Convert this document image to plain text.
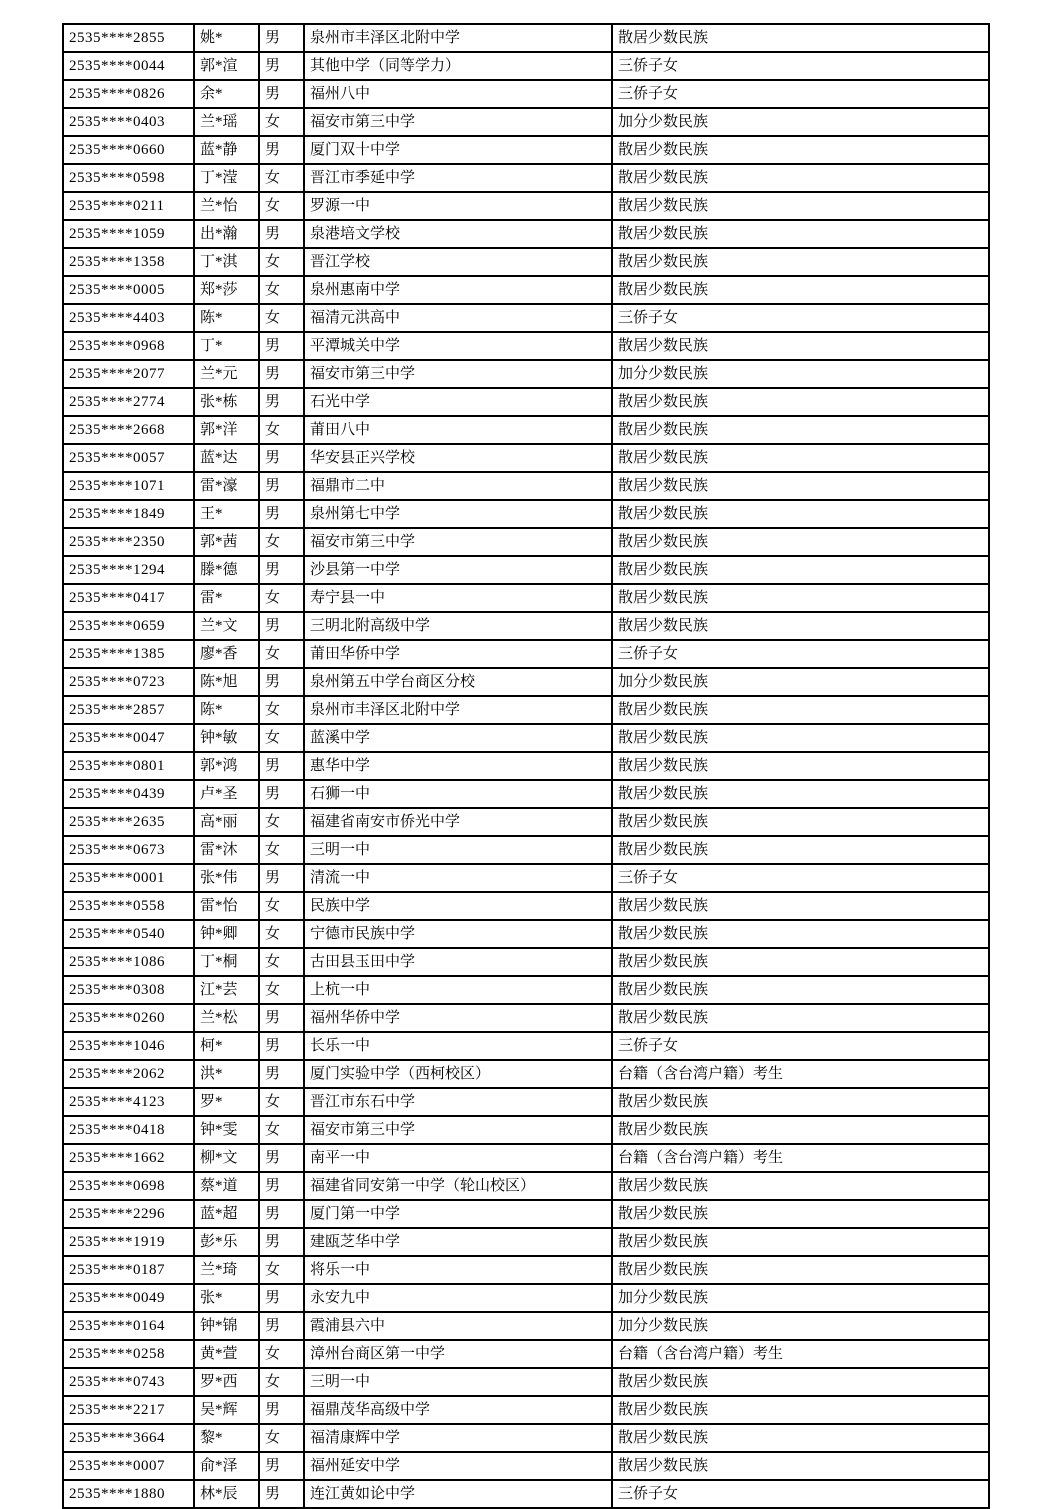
2535****2855	姚*	男	泉州市丰泽区北附中学	散居少数民族
2535****0044	郭*渲	男	其他中学（同等学力）	三侨子女
2535****0826	余*	男	福州八中	三侨子女
2535****0403	兰*瑶	女	福安市第三中学	加分少数民族
2535****0660	蓝*静	男	厦门双十中学	散居少数民族
2535****0598	丁*滢	女	晋江市季延中学	散居少数民族
2535****0211	兰*怡	女	罗源一中	散居少数民族
2535****1059	出*瀚	男	泉港培文学校	散居少数民族
2535****1358	丁*淇	女	晋江学校	散居少数民族
2535****0005	郑*莎	女	泉州惠南中学	散居少数民族
2535****4403	陈*	女	福清元洪高中	三侨子女
2535****0968	丁*	男	平潭城关中学	散居少数民族
2535****2077	兰*元	男	福安市第三中学	加分少数民族
2535****2774	张*栋	男	石光中学	散居少数民族
2535****2668	郭*洋	女	莆田八中	散居少数民族
2535****0057	蓝*达	男	华安县正兴学校	散居少数民族
2535****1071	雷*濠	男	福鼎市二中	散居少数民族
2535****1849	王*	男	泉州第七中学	散居少数民族
2535****2350	郭*茜	女	福安市第三中学	散居少数民族
2535****1294	滕*德	男	沙县第一中学	散居少数民族
2535****0417	雷*	女	寿宁县一中	散居少数民族
2535****0659	兰*文	男	三明北附高级中学	散居少数民族
2535****1385	廖*香	女	莆田华侨中学	三侨子女
2535****0723	陈*旭	男	泉州第五中学台商区分校	加分少数民族
2535****2857	陈*	女	泉州市丰泽区北附中学	散居少数民族
2535****0047	钟*敏	女	蓝溪中学	散居少数民族
2535****0801	郭*鸿	男	惠华中学	散居少数民族
2535****0439	卢*圣	男	石狮一中	散居少数民族
2535****2635	高*丽	女	福建省南安市侨光中学	散居少数民族
2535****0673	雷*沐	女	三明一中	散居少数民族
2535****0001	张*伟	男	清流一中	三侨子女
2535****0558	雷*怡	女	民族中学	散居少数民族
2535****0540	钟*卿	女	宁德市民族中学	散居少数民族
2535****1086	丁*桐	女	古田县玉田中学	散居少数民族
2535****0308	江*芸	女	上杭一中	散居少数民族
2535****0260	兰*松	男	福州华侨中学	散居少数民族
2535****1046	柯*	男	长乐一中	三侨子女
2535****2062	洪*	男	厦门实验中学（西柯校区）	台籍（含台湾户籍）考生
2535****4123	罗*	女	晋江市东石中学	散居少数民族
2535****0418	钟*雯	女	福安市第三中学	散居少数民族
2535****1662	柳*文	男	南平一中	台籍（含台湾户籍）考生
2535****0698	蔡*道	男	福建省同安第一中学（轮山校区）	散居少数民族
2535****2296	蓝*超	男	厦门第一中学	散居少数民族
2535****1919	彭*乐	男	建瓯芝华中学	散居少数民族
2535****0187	兰*琦	女	将乐一中	散居少数民族
2535****0049	张*	男	永安九中	加分少数民族
2535****0164	钟*锦	男	霞浦县六中	加分少数民族
2535****0258	黄*萱	女	漳州台商区第一中学	台籍（含台湾户籍）考生
2535****0743	罗*西	女	三明一中	散居少数民族
2535****2217	吴*辉	男	福鼎茂华高级中学	散居少数民族
2535****3664	黎*	女	福清康辉中学	散居少数民族
2535****0007	俞*泽	男	福州延安中学	散居少数民族
2535****1880	林*辰	男	连江黄如论中学	三侨子女
